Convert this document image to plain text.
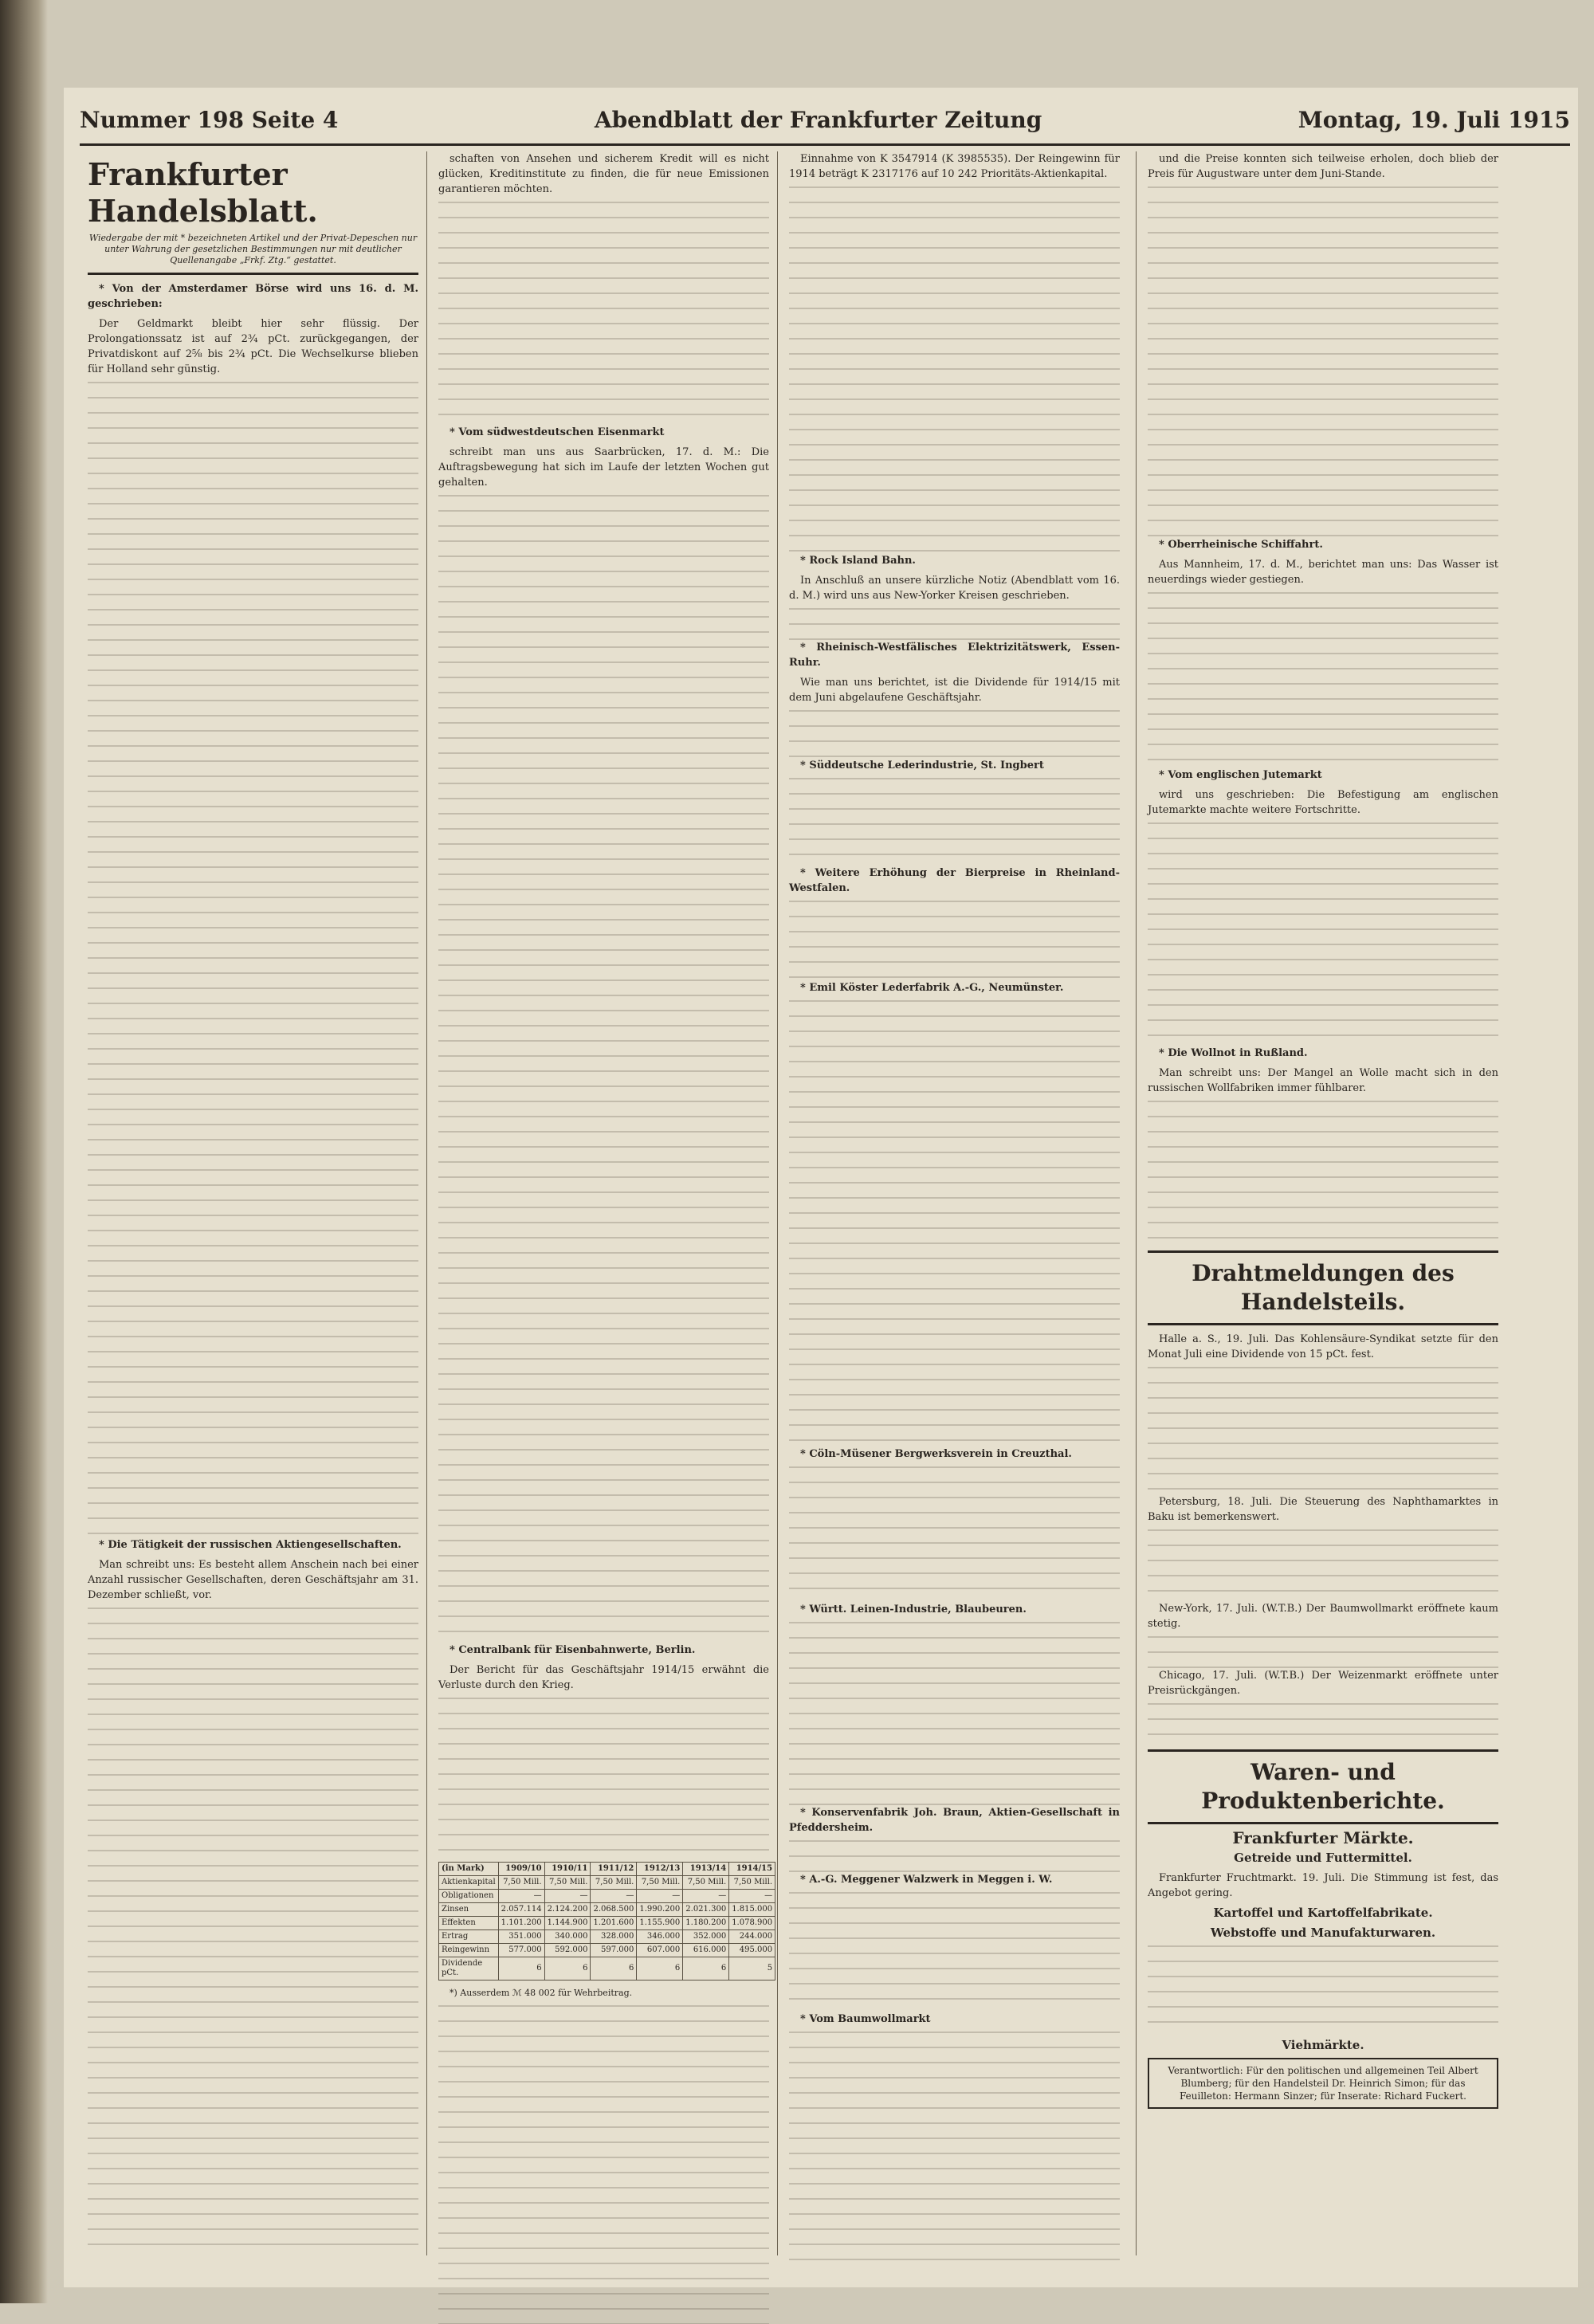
Nummer 198 Seite 4	Abendblatt der Frankfurter Zeitung	Montag, 19. Juli 1915
Frankfurter Handelsblatt.
Wiedergabe der mit * bezeichneten Artikel und der Privat-Depeschen nur unter Wahrung der gesetzlichen Bestimmungen nur mit deutlicher Quellenangabe „Frkf. Ztg.“ gestattet.

* Von der Amsterdamer Börse wird uns 16. d. M. geschrieben:

Der Geldmarkt bleibt hier sehr flüssig. Der Prolongationssatz ist auf 2¾ pCt. zurückgegangen, der Privatdiskont auf 2⅝ bis 2¾ pCt. Die Wechselkurse blieben für Holland sehr günstig.

* Die Tätigkeit der russischen Aktiengesellschaften.

Man schreibt uns: Es besteht allem Anschein nach bei einer Anzahl russischer Gesellschaften, deren Geschäftsjahr am 31. Dezember schließt, vor.

schaften von Ansehen und sicherem Kredit will es nicht glücken, Kreditinstitute zu finden, die für neue Emissionen garantieren möchten.

* Vom südwestdeutschen Eisenmarkt

schreibt man uns aus Saarbrücken, 17. d. M.: Die Auftragsbewegung hat sich im Laufe der letzten Wochen gut gehalten.

* Centralbank für Eisenbahnwerte, Berlin.

Der Bericht für das Geschäftsjahr 1914/15 erwähnt die Verluste durch den Krieg.

(in Mark)	1909/10	1910/11	1911/12	1912/13	1913/14	1914/15
Aktienkapital	7,50 Mill.	7,50 Mill.	7,50 Mill.	7,50 Mill.	7,50 Mill.	7,50 Mill.
Obligationen	—	—	—	—	—	—
Zinsen	2.057.114	2.124.200	2.068.500	1.990.200	2.021.300	1.815.000
Effekten	1.101.200	1.144.900	1.201.600	1.155.900	1.180.200	1.078.900
Ertrag	351.000	340.000	328.000	346.000	352.000	244.000
Reingewinn	577.000	592.000	597.000	607.000	616.000	495.000
Dividende pCt.	6	6	6	6	6	5

*) Ausserdem ℳ 48 002 für Wehrbeitrag.

Einnahme von K 3547914 (K 3985535). Der Reingewinn für 1914 beträgt K 2317176 auf 10 242 Prioritäts-Aktienkapital.

* Rock Island Bahn.

In Anschluß an unsere kürzliche Notiz (Abendblatt vom 16. d. M.) wird uns aus New-Yorker Kreisen geschrieben.

* Rheinisch-Westfälisches Elektrizitätswerk, Essen-Ruhr.

Wie man uns berichtet, ist die Dividende für 1914/15 mit dem Juni abgelaufene Geschäftsjahr.

* Süddeutsche Lederindustrie, St. Ingbert

* Weitere Erhöhung der Bierpreise in Rheinland-Westfalen.

* Emil Köster Lederfabrik A.-G., Neumünster.

* Cöln-Müsener Bergwerksverein in Creuzthal.

* Württ. Leinen-Industrie, Blaubeuren.

* Konservenfabrik Joh. Braun, Aktien-Gesellschaft in Pfeddersheim.

* A.-G. Meggener Walzwerk in Meggen i. W.

* Vom Baumwollmarkt

und die Preise konnten sich teilweise erholen, doch blieb der Preis für Augustware unter dem Juni-Stande.

* Oberrheinische Schiffahrt.

Aus Mannheim, 17. d. M., berichtet man uns: Das Wasser ist neuerdings wieder gestiegen.

* Vom englischen Jutemarkt

wird uns geschrieben: Die Befestigung am englischen Jutemarkte machte weitere Fortschritte.

* Die Wollnot in Rußland.

Man schreibt uns: Der Mangel an Wolle macht sich in den russischen Wollfabriken immer fühlbarer.

Drahtmeldungen des Handelsteils.

Halle a. S., 19. Juli. Das Kohlensäure-Syndikat setzte für den Monat Juli eine Dividende von 15 pCt. fest.

Petersburg, 18. Juli. Die Steuerung des Naphthamarktes in Baku ist bemerkenswert.

New-York, 17. Juli. (W.T.B.) Der Baumwollmarkt eröffnete kaum stetig.

Chicago, 17. Juli. (W.T.B.) Der Weizenmarkt eröffnete unter Preisrückgängen.

Waren- und Produktenberichte.
Frankfurter Märkte.
Getreide und Futtermittel.

Frankfurter Fruchtmarkt. 19. Juli. Die Stimmung ist fest, das Angebot gering.

Kartoffel und Kartoffelfabrikate.
Webstoffe und Manufakturwaren.
Viehmärkte.
Verantwortlich: Für den politischen und allgemeinen Teil Albert Blumberg; für den Handelsteil Dr. Heinrich Simon; für das Feuilleton: Hermann Sinzer; für Inserate: Richard Fuckert.
